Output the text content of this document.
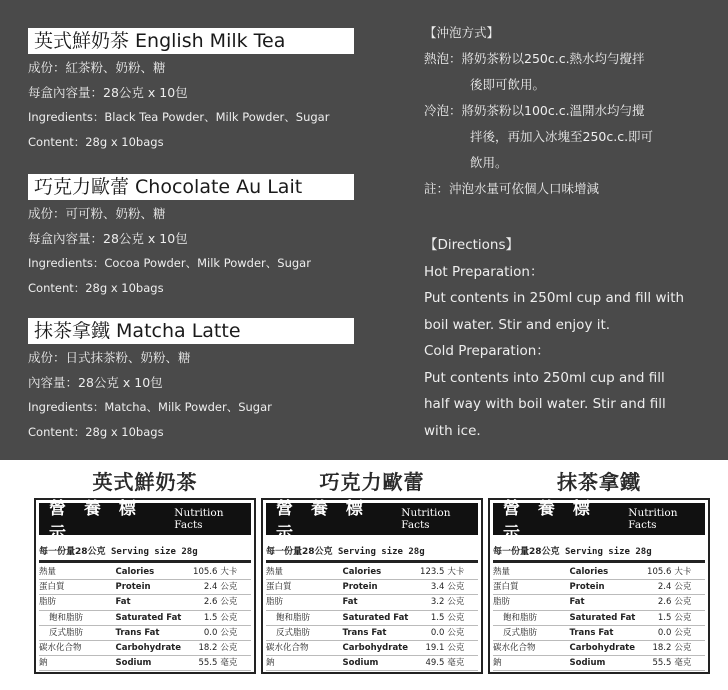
英式鮮奶茶 English Milk Tea
成份：紅茶粉、奶粉、糖
每盒內容量：28公克 x 10包
Ingredients：Black Tea Powder、Milk Powder、Sugar
Content：28g x 10bags
巧克力歐蕾 Chocolate Au Lait
成份：可可粉、奶粉、糖
每盒內容量：28公克 x 10包
Ingredients：Cocoa Powder、Milk Powder、Sugar
Content：28g x 10bags
抹茶拿鐵 Matcha Latte
成份：日式抹茶粉、奶粉、糖
內容量：28公克 x 10包
Ingredients：Matcha、Milk Powder、Sugar
Content：28g x 10bags
【沖泡方式】
熱泡：將奶茶粉以250c.c.熱水均勻攪拌
後即可飲用。
冷泡：將奶茶粉以100c.c.溫開水均勻攪
拌後，再加入冰塊至250c.c.即可
飲用。
註：沖泡水量可依個人口味增減
【Directions】
Hot Preparation：
Put contents in 250ml cup and fill with
boil water. Stir and enjoy it.
Cold Preparation：
Put contents into 250ml cup and fill
half way with boil water. Stir and fill
with ice.
英式鮮奶茶
營 養 標 示
Nutrition Facts
每一份量28公克 Serving size 28g
熱量	Calories	105.6	大卡
蛋白質	Protein	2.4	公克
脂肪	Fat	2.6	公克
飽和脂肪	Saturated Fat	1.5	公克
反式脂肪	Trans Fat	0.0	公克
碳水化合物	Carbohydrate	18.2	公克
鈉	Sodium	55.5	毫克
巧克力歐蕾
營 養 標 示
Nutrition Facts
每一份量28公克 Serving size 28g
熱量	Calories	123.5	大卡
蛋白質	Protein	3.4	公克
脂肪	Fat	3.2	公克
飽和脂肪	Saturated Fat	1.5	公克
反式脂肪	Trans Fat	0.0	公克
碳水化合物	Carbohydrate	19.1	公克
鈉	Sodium	49.5	毫克
抹茶拿鐵
營 養 標 示
Nutrition Facts
每一份量28公克 Serving size 28g
熱量	Calories	105.6	大卡
蛋白質	Protein	2.4	公克
脂肪	Fat	2.6	公克
飽和脂肪	Saturated Fat	1.5	公克
反式脂肪	Trans Fat	0.0	公克
碳水化合物	Carbohydrate	18.2	公克
鈉	Sodium	55.5	毫克
